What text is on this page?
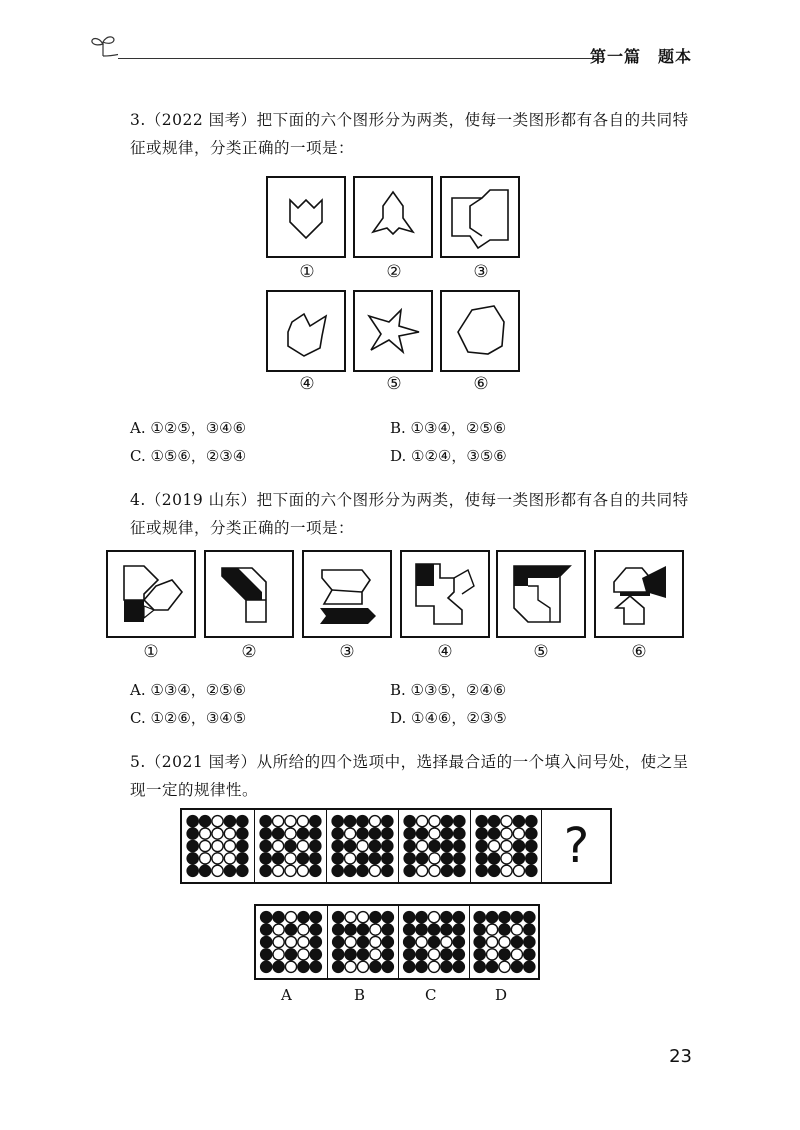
第一篇　题本
3.（2022 国考）把下面的六个图形分为两类，使每一类图形都有各自的共同特征或规律，分类正确的一项是：
①	②	③
④	⑤	⑥
A. ①②⑤，③④⑥	B. ①③④，②⑤⑥
C. ①⑤⑥，②③④	D. ①②④，③⑤⑥
4.（2019 山东）把下面的六个图形分为两类，使每一类图形都有各自的共同特征或规律，分类正确的一项是：
①	②	③	④	⑤	⑥
A. ①③④，②⑤⑥	B. ①③⑤，②④⑥
C. ①②⑥，③④⑤	D. ①④⑥，②③⑤
5.（2021 国考）从所给的四个选项中，选择最合适的一个填入问号处，使之呈现一定的规律性。
?
A	B	C	D
23
